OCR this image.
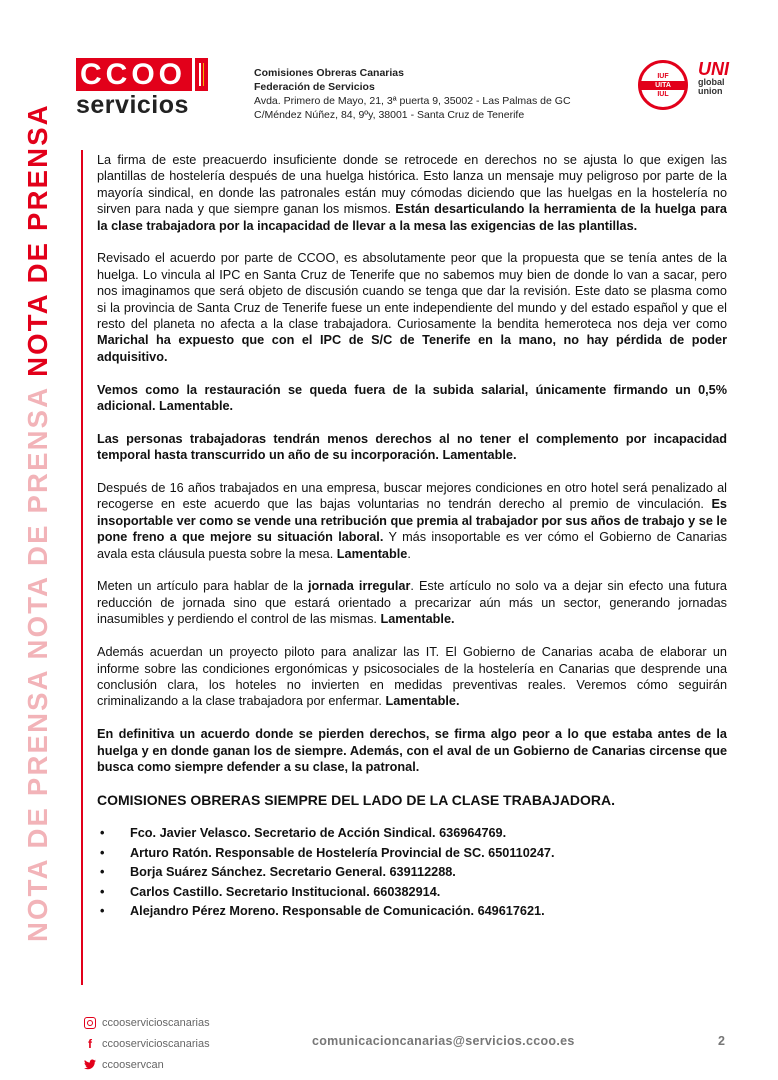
CCOO
servicios
Comisiones Obreras Canarias
Federación de Servicios
Avda. Primero de Mayo, 21, 3ª puerta 9, 35002 - Las Palmas de GC
C/Méndez Núñez, 84, 9ºy, 38001 - Santa Cruz de Tenerife
IUF
UITA
IUL
UNI
global
union
NOTA DE PRENSA NOTA DE PRENSA NOTA DE PRENSA	La firma de este preacuerdo insuficiente donde se retrocede en derechos no se ajusta lo que exigen las plantillas de hostelería después de una huelga histórica. Esto lanza un mensaje muy peligroso por parte de la mayoría sindical, en donde las patronales están muy cómodas diciendo que las huelgas en la hostelería no sirven para nada y que siempre ganan los mismos. Están desarticulando la herramienta de la huelga para la clase trabajadora por la incapacidad de llevar a la mesa las exigencias de las plantillas.

Revisado el acuerdo por parte de CCOO, es absolutamente peor que la propuesta que se tenía antes de la huelga. Lo vincula al IPC en Santa Cruz de Tenerife que no sabemos muy bien de donde lo van a sacar, pero nos imaginamos que será objeto de discusión cuando se tenga que dar la revisión. Este dato se plasma como si la provincia de Santa Cruz de Tenerife fuese un ente independiente del mundo y del estado español y que el resto del planeta no afecta a la clase trabajadora. Curiosamente la bendita hemeroteca nos deja ver como Marichal ha expuesto que con el IPC de S/C de Tenerife en la mano, no hay pérdida de poder adquisitivo.

Vemos como la restauración se queda fuera de la subida salarial, únicamente firmando un 0,5% adicional. Lamentable.

Las personas trabajadoras tendrán menos derechos al no tener el complemento por incapacidad temporal hasta transcurrido un año de su incorporación. Lamentable.

Después de 16 años trabajados en una empresa, buscar mejores condiciones en otro hotel será penalizado al recogerse en este acuerdo que las bajas voluntarias no tendrán derecho al premio de vinculación. Es insoportable ver como se vende una retribución que premia al trabajador por sus años de trabajo y se le pone freno a que mejore su situación laboral. Y más insoportable es ver cómo el Gobierno de Canarias avala esta cláusula puesta sobre la mesa. Lamentable.

Meten un artículo para hablar de la jornada irregular. Este artículo no solo va a dejar sin efecto una futura reducción de jornada sino que estará orientado a precarizar aún más un sector, generando jornadas inasumibles y perdiendo el control de las mismas. Lamentable.

Además acuerdan un proyecto piloto para analizar las IT. El Gobierno de Canarias acaba de elaborar un informe sobre las condiciones ergonómicas y psicosociales de la hostelería en Canarias que desprende una conclusión clara, los hoteles no invierten en medidas preventivas reales. Veremos cómo seguirán criminalizando a la clase trabajadora por enfermar. Lamentable.

En definitiva un acuerdo donde se pierden derechos, se firma algo peor a lo que estaba antes de la huelga y en donde ganan los de siempre. Además, con el aval de un Gobierno de Canarias circense que busca como siempre defender a su clase, la patronal.

COMISIONES OBRERAS SIEMPRE DEL LADO DE LA CLASE TRABAJADORA.

• Fco. Javier Velasco. Secretario de Acción Sindical. 636964769.
• Arturo Ratón. Responsable de Hostelería Provincial de SC. 650110247.
• Borja Suárez Sánchez. Secretario General. 639112288.
• Carlos Castillo. Secretario Institucional. 660382914.
• Alejandro Pérez Moreno. Responsable de Comunicación. 649617621.
ccooservicioscanarias
f ccooservicioscanarias
ccooservcan
comunicacioncanarias@servicios.ccoo.es	2
